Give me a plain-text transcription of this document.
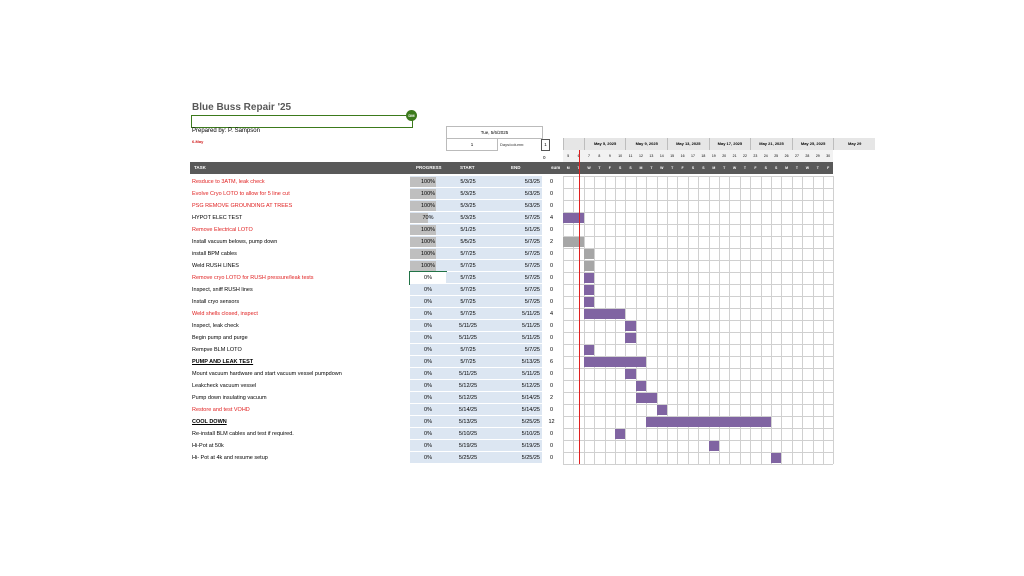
Blue Buss Repair '25
DM
Prepared by: P. Sampson
6-May
Tue, 5/6/2025
1	Days/column:	1
0
TASK	PROGRESS	START	END	sum
Resduce to 3ATM, leak check	100%	5/3/25	5/3/25	0
Evolve Cryo LOTO to allow for 5 line cut	100%	5/3/25	5/3/25	0
PSG REMOVE GROUNDING AT TREES	100%	5/3/25	5/3/25	0
HYPOT ELEC TEST	70%	5/3/25	5/7/25	4
Remove Electrical LOTO	100%	5/1/25	5/1/25	0
Install vacuum belows, pump down	100%	5/5/25	5/7/25	2
install BPM cables	100%	5/7/25	5/7/25	0
Weld RUSH LINES	100%	5/7/25	5/7/25	0
Remove cryo LOTO for RUSH pressure/leak tests	0%	5/7/25	5/7/25	0
Inspect, sniff RUSH lines	0%	5/7/25	5/7/25	0
Install cryo sensors	0%	5/7/25	5/7/25	0
Weld shells closed, inspect	0%	5/7/25	5/11/25	4
Inspect, leak check	0%	5/11/25	5/11/25	0
Begin pump and purge	0%	5/11/25	5/11/25	0
Rempve BLM LOTO	0%	5/7/25	5/7/25	0
PUMP AND LEAK TEST	0%	5/7/25	5/13/25	6
Mount vacuum hardware and start vacuum vessel pumpdown	0%	5/11/25	5/11/25	0
Leakcheck vacuum vessel	0%	5/12/25	5/12/25	0
Pump down insulating vacuum	0%	5/12/25	5/14/25	2
Restore and test VOHD	0%	5/14/25	5/14/25	0
COOL DOWN	0%	5/13/25	5/25/25	12
Re-install BLM cables and test if required.	0%	5/10/25	5/10/25	0
Hi-Pot at 50k	0%	5/19/25	5/19/25	0
Hi- Pot at 4k and resume setup	0%	5/25/25	5/25/25	0
May 5, 2025	May 9, 2025	May 13, 2025	May 17, 2025	May 21, 2025	May 25, 2025	May 29
5
M
7
W
8
T
9
F
10
S
11
S
12
M
13
T
14
W
15
T
16
F
17
S
18
S
19
M
20
T
21
W
22
T
23
F
24
S
25
S
26
M
27
T
28
W
29
T
30
F
